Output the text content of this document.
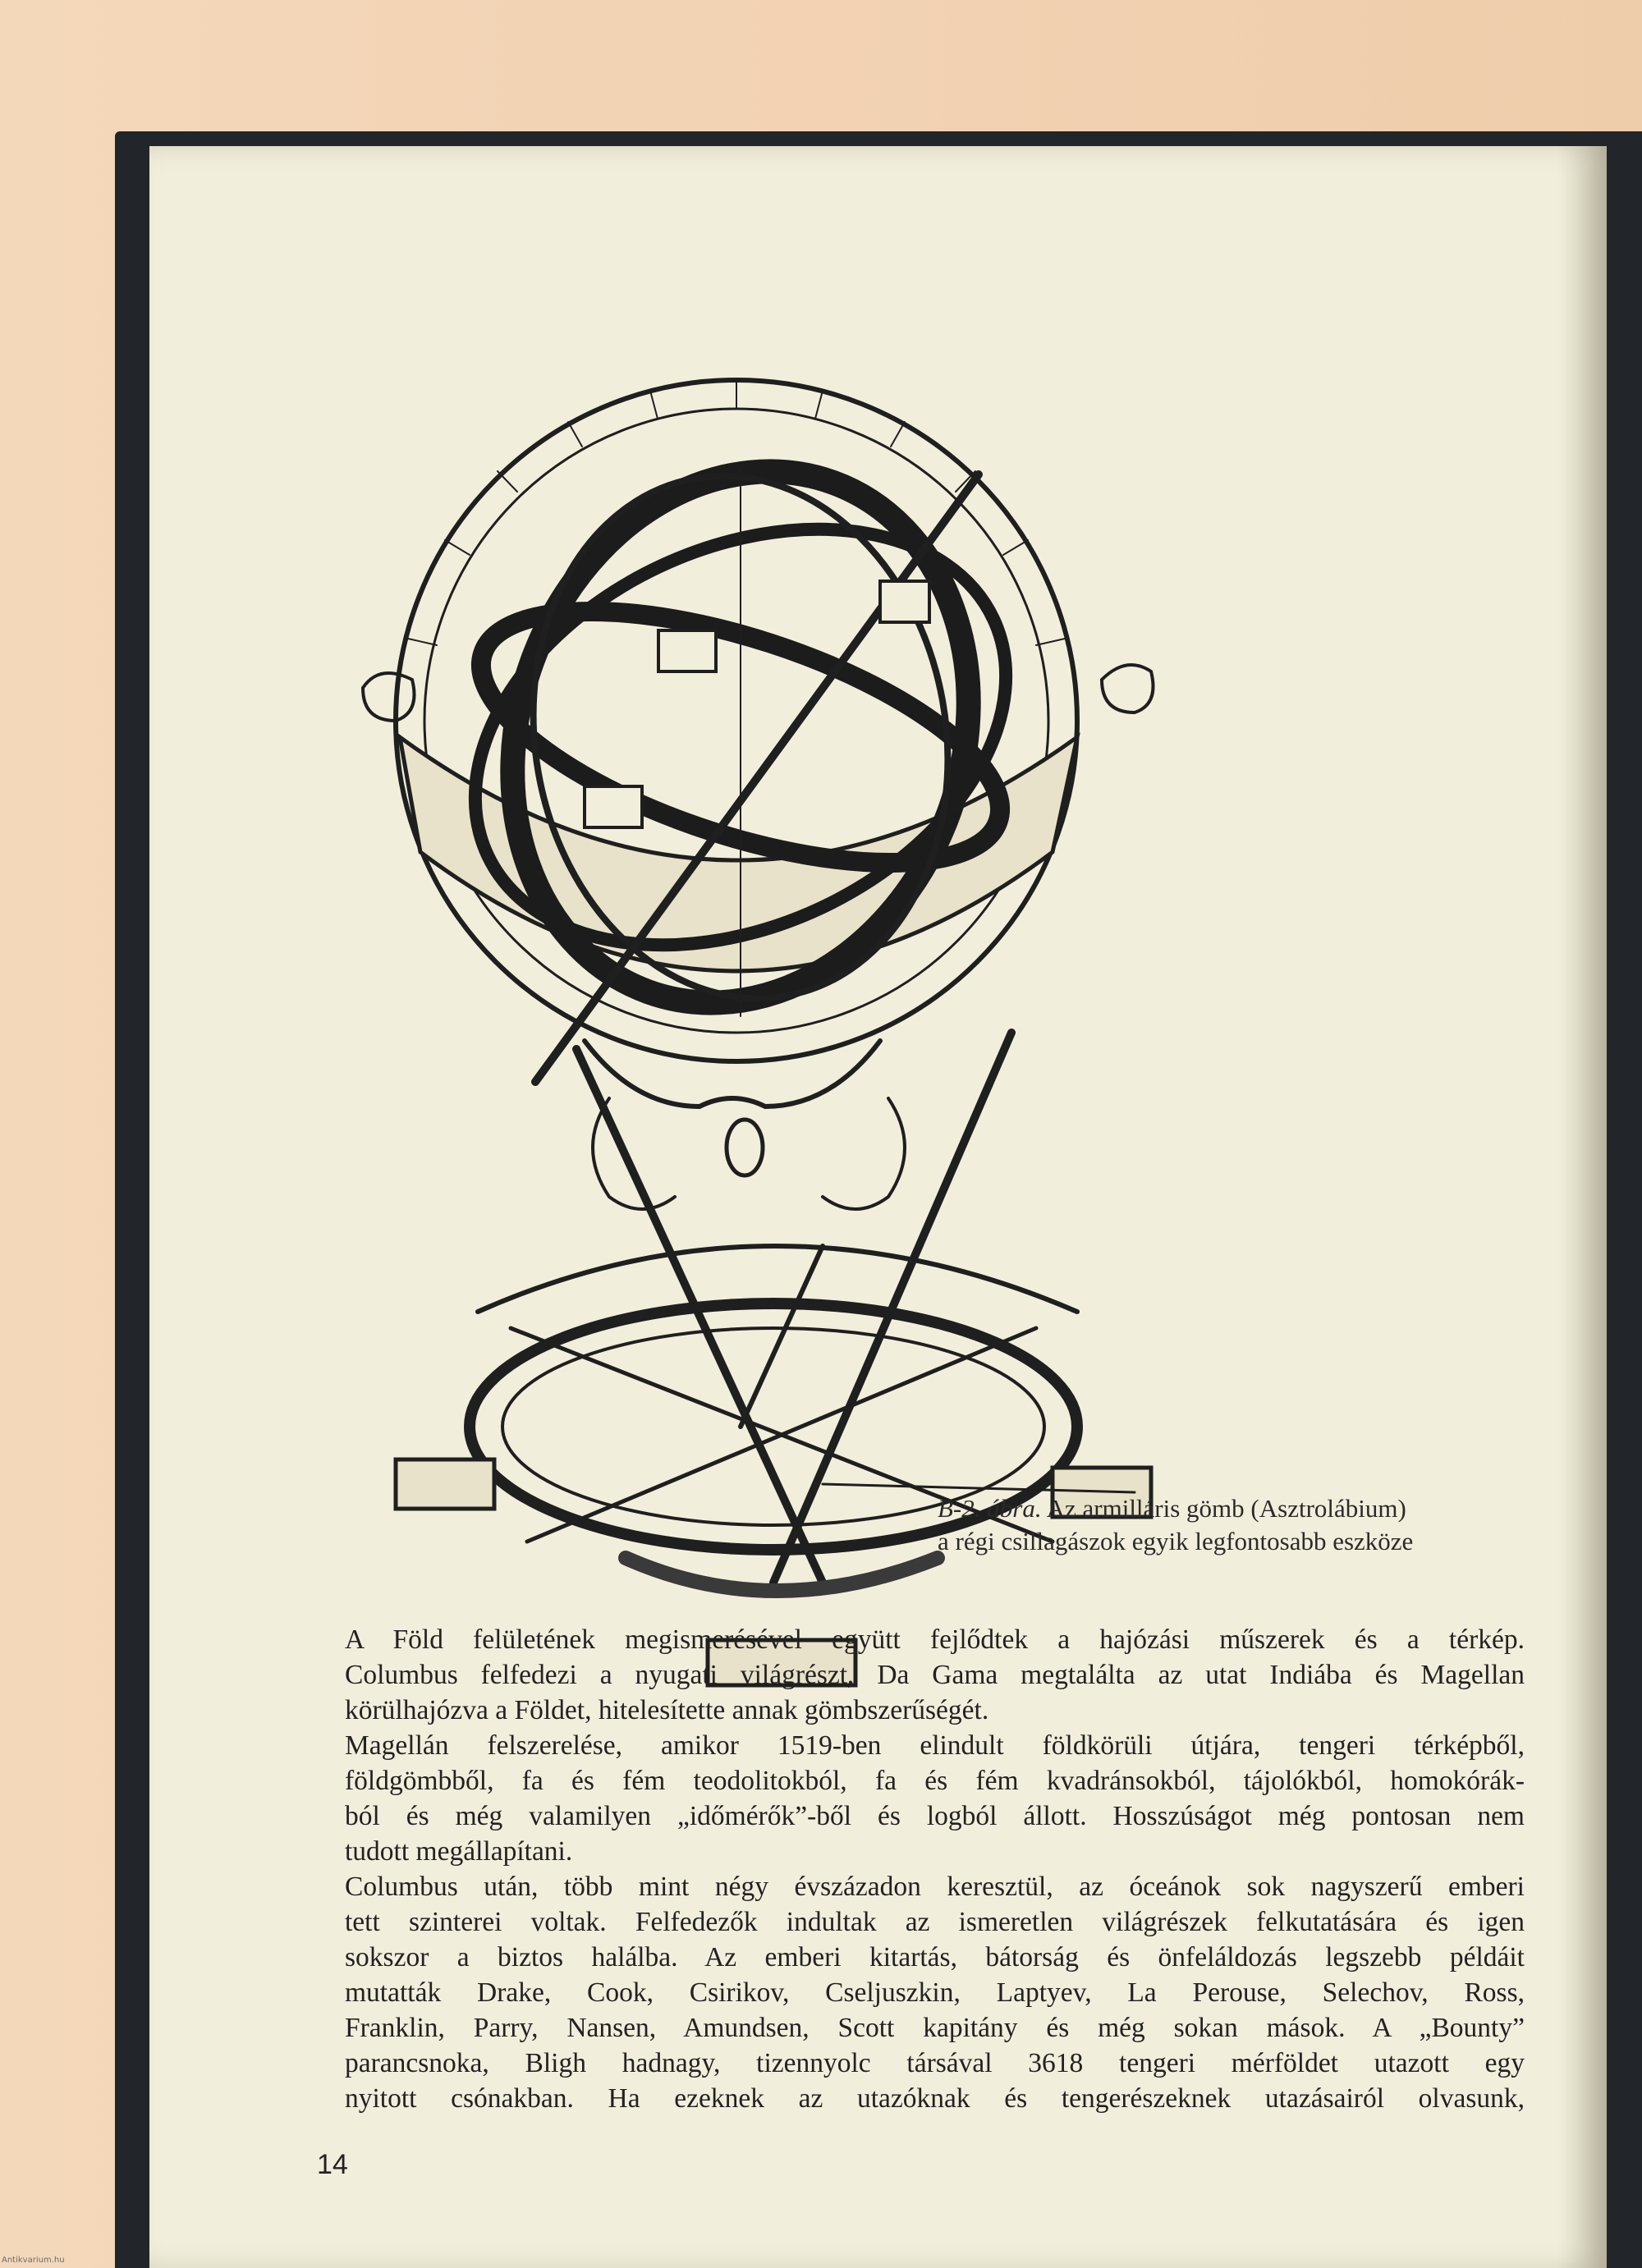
B-2. ábra. Az armilláris gömb (Asztrolábium)
a régi csillagászok egyik legfontosabb eszköze

A Föld felületének megismerésével együtt fejlődtek a hajózási műszerek és a térkép.
Columbus felfedezi a nyugati világrészt, Da Gama megtalálta az utat Indiába és Magellan
körülhajózva a Földet, hitelesítette annak gömbszerűségét.

Magellán felszerelése, amikor 1519-ben elindult földkörüli útjára, tengeri térképből,
földgömbből, fa és fém teodolitokból, fa és fém kvadránsokból, tájolókból, homokórák-
ból és még valamilyen „időmérők”-ből és logból állott. Hosszúságot még pontosan nem
tudott megállapítani.

Columbus után, több mint négy évszázadon keresztül, az óceánok sok nagyszerű emberi
tett szinterei voltak. Felfedezők indultak az ismeretlen világrészek felkutatására és igen
sokszor a biztos halálba. Az emberi kitartás, bátorság és önfeláldozás legszebb példáit
mutatták Drake, Cook, Csirikov, Cseljuszkin, Laptyev, La Perouse, Selechov, Ross,
Franklin, Parry, Nansen, Amundsen, Scott kapitány és még sokan mások. A „Bounty”
parancsnoka, Bligh hadnagy, tizennyolc társával 3618 tengeri mérföldet utazott egy
nyitott csónakban. Ha ezeknek az utazóknak és tengerészeknek utazásairól olvasunk,

14
Antikvarium.hu
